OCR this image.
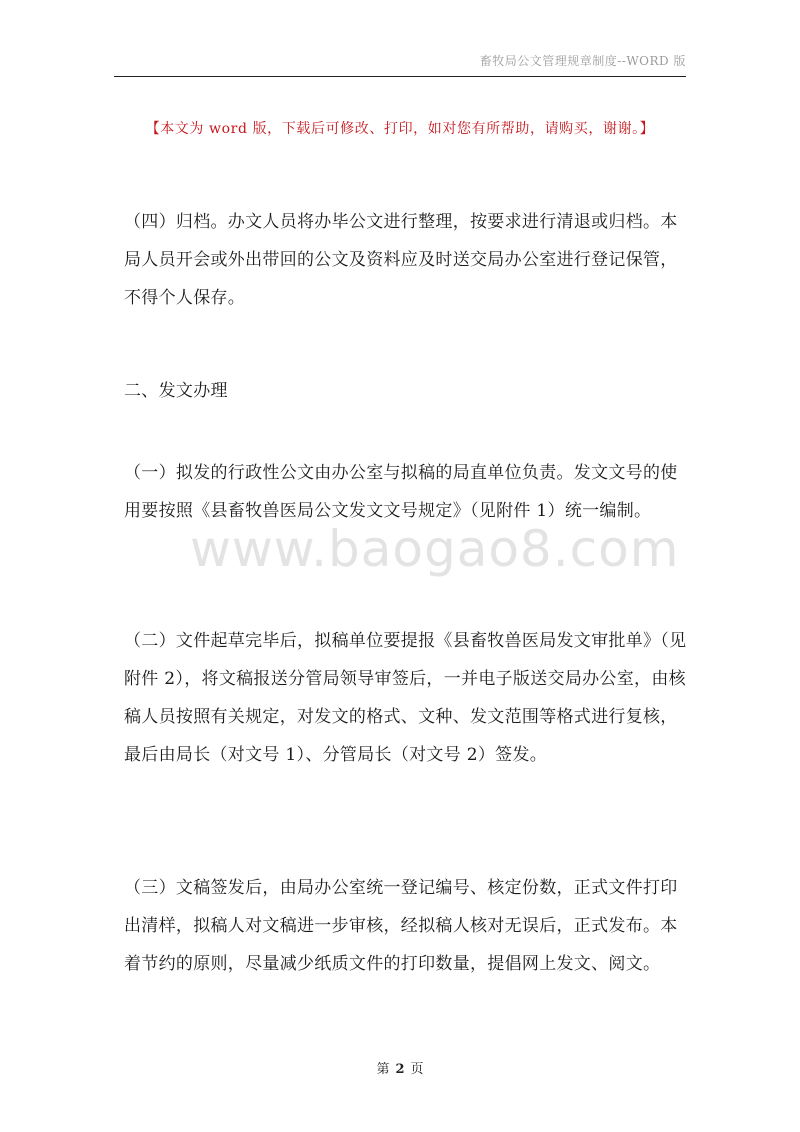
畜牧局公文管理规章制度--WORD 版
【本文为 word 版，下载后可修改、打印，如对您有所帮助，请购买，谢谢。】

（四）归档。办文人员将办毕公文进行整理，按要求进行清退或归档。本局人员开会或外出带回的公文及资料应及时送交局办公室进行登记保管，不得个人保存。

二、发文办理

（一）拟发的行政性公文由办公室与拟稿的局直单位负责。发文文号的使用要按照《县畜牧兽医局公文发文文号规定》（见附件 1）统一编制。

（二）文件起草完毕后，拟稿单位要提报《县畜牧兽医局发文审批单》（见附件 2），将文稿报送分管局领导审签后，一并电子版送交局办公室，由核稿人员按照有关规定，对发文的格式、文种、发文范围等格式进行复核，最后由局长（对文号 1）、分管局长（对文号 2）签发。

（三）文稿签发后，由局办公室统一登记编号、核定份数，正式文件打印出清样，拟稿人对文稿进一步审核，经拟稿人核对无误后，正式发布。本着节约的原则，尽量减少纸质文件的打印数量，提倡网上发文、阅文。

www.baogao8.com
第 2 页
